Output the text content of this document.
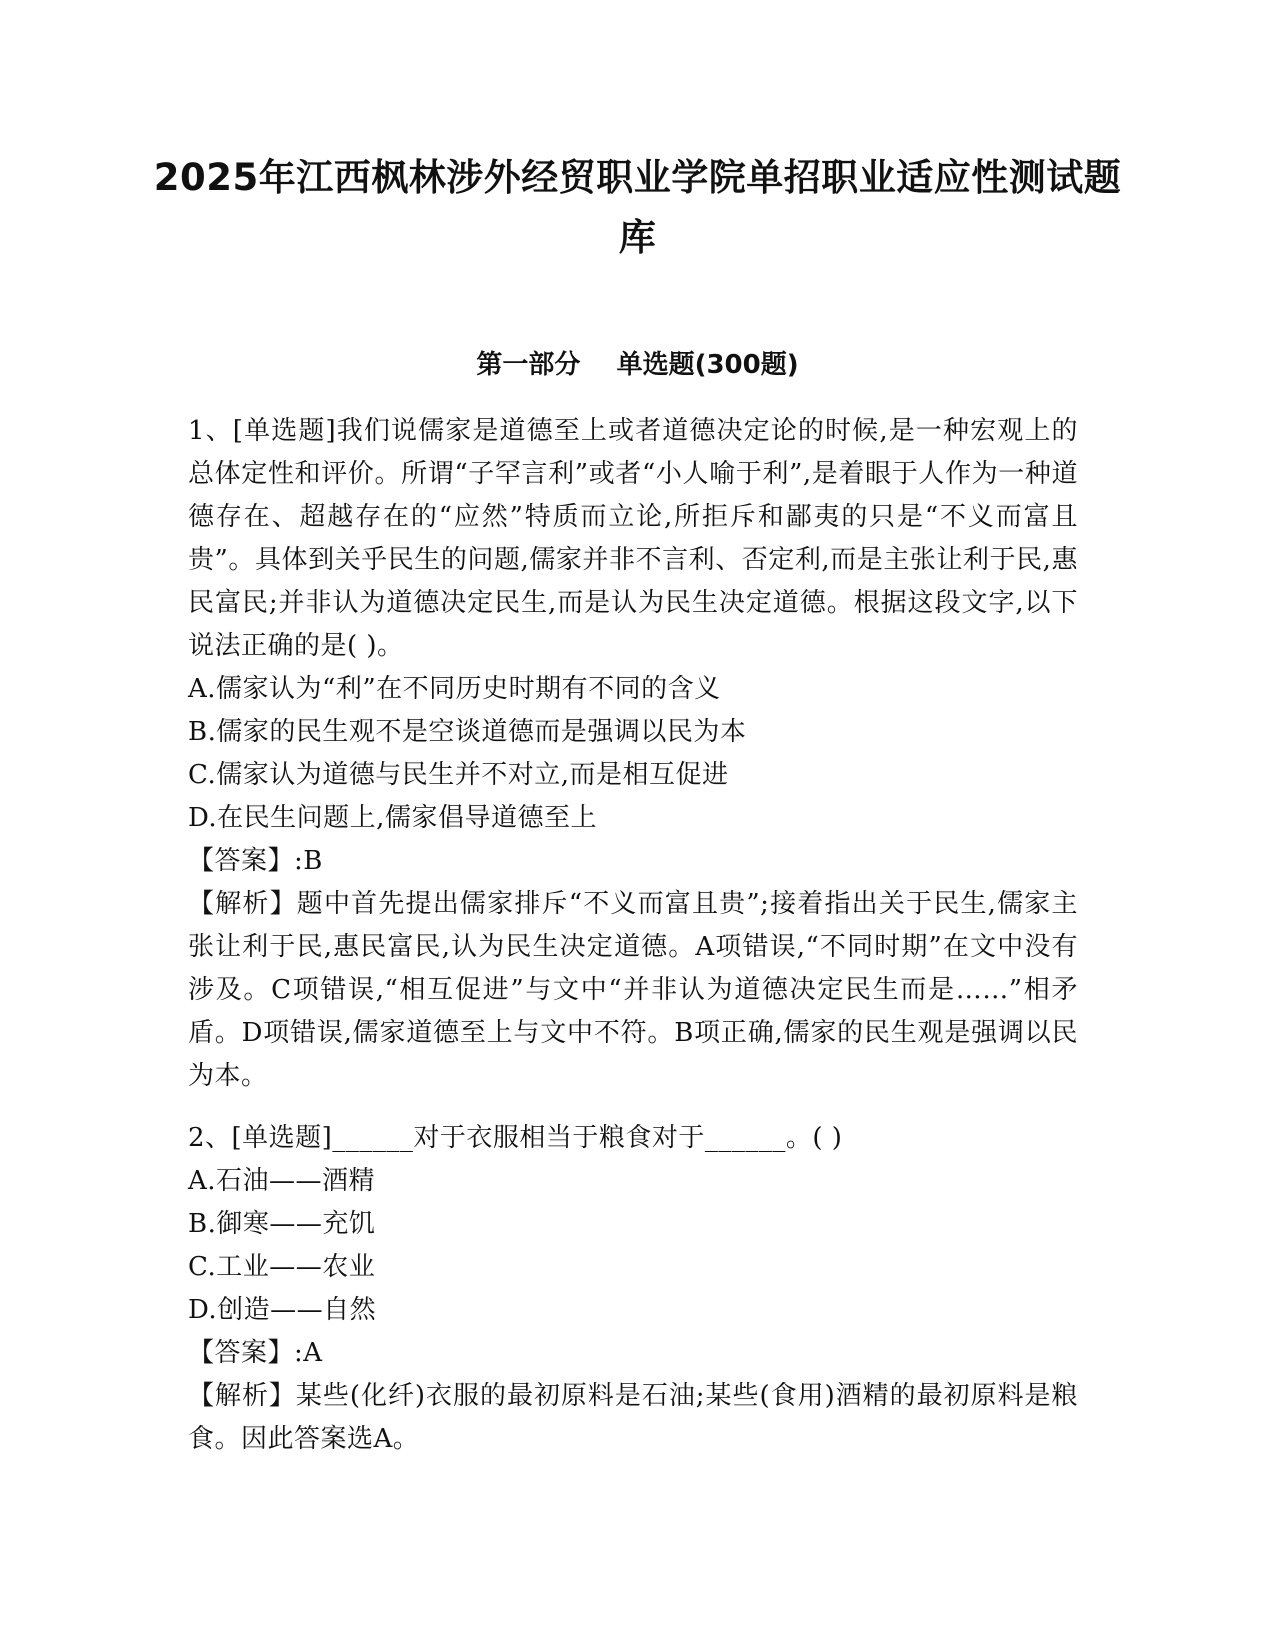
2025年江西枫林涉外经贸职业学院单招职业适应性测试题库
第一部分    单选题(300题)

1、[单选题]我们说儒家是道德至上或者道德决定论的时候,是一种宏观上的总体定性和评价。所谓“子罕言利”或者“小人喻于利”,是着眼于人作为一种道德存在、超越存在的“应然”特质而立论,所拒斥和鄙夷的只是“不义而富且贵”。具体到关乎民生的问题,儒家并非不言利、否定利,而是主张让利于民,惠民富民;并非认为道德决定民生,而是认为民生决定道德。根据这段文字,以下说法正确的是( )。

A.儒家认为“利”在不同历史时期有不同的含义

B.儒家的民生观不是空谈道德而是强调以民为本

C.儒家认为道德与民生并不对立,而是相互促进

D.在民生问题上,儒家倡导道德至上

【答案】:B

【解析】题中首先提出儒家排斥“不义而富且贵”;接着指出关于民生,儒家主张让利于民,惠民富民,认为民生决定道德。A项错误,“不同时期”在文中没有涉及。C项错误,“相互促进”与文中“并非认为道德决定民生而是……”相矛盾。D项错误,儒家道德至上与文中不符。B项正确,儒家的民生观是强调以民为本。

2、[单选题]______对于衣服相当于粮食对于______。( )

A.石油——酒精

B.御寒——充饥

C.工业——农业

D.创造——自然

【答案】:A

【解析】某些(化纤)衣服的最初原料是石油;某些(食用)酒精的最初原料是粮食。因此答案选A。
